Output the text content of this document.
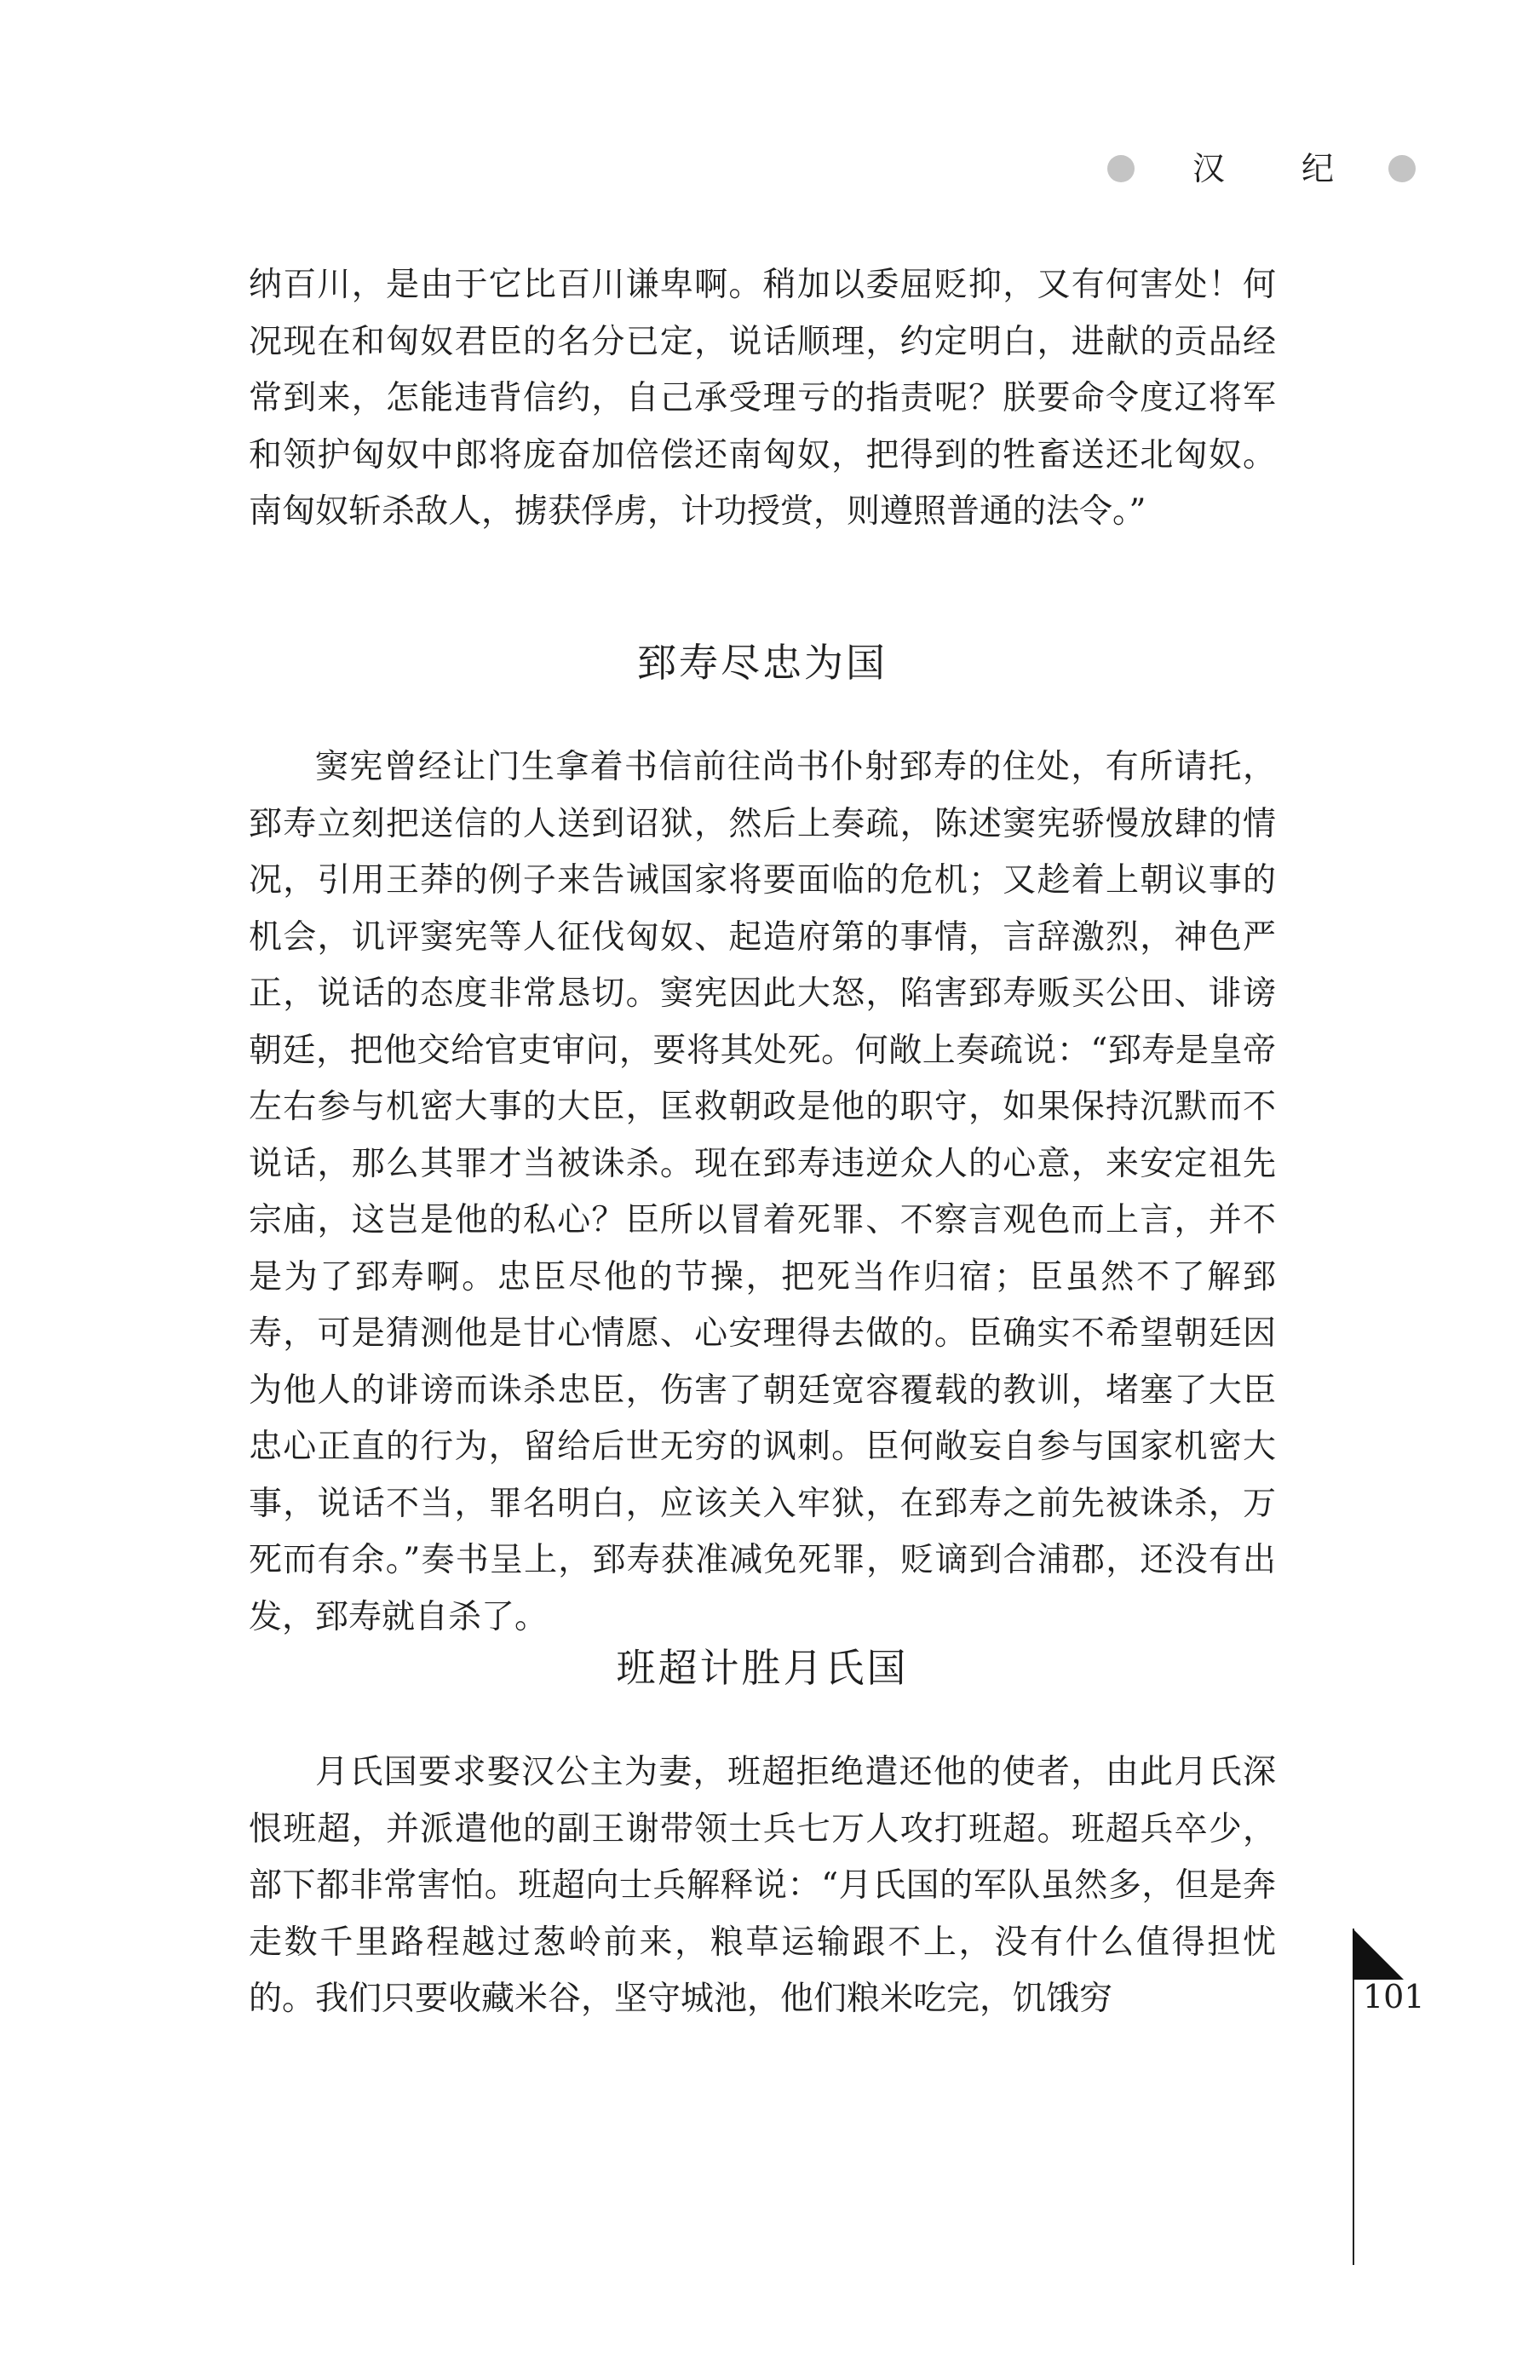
汉 纪

纳百川，是由于它比百川谦卑啊。稍加以委屈贬抑，又有何害处！何况现在和匈奴君臣的名分已定，说话顺理，约定明白，进献的贡品经常到来，怎能违背信约，自己承受理亏的指责呢？朕要命令度辽将军和领护匈奴中郎将庞奋加倍偿还南匈奴，把得到的牲畜送还北匈奴。南匈奴斩杀敌人，掳获俘虏，计功授赏，则遵照普通的法令。”

郅寿尽忠为国

窦宪曾经让门生拿着书信前往尚书仆射郅寿的住处，有所请托，郅寿立刻把送信的人送到诏狱，然后上奏疏，陈述窦宪骄慢放肆的情况，引用王莽的例子来告诫国家将要面临的危机；又趁着上朝议事的机会，讥评窦宪等人征伐匈奴、起造府第的事情，言辞激烈，神色严正，说话的态度非常恳切。窦宪因此大怒，陷害郅寿贩买公田、诽谤朝廷，把他交给官吏审问，要将其处死。何敞上奏疏说：“郅寿是皇帝左右参与机密大事的大臣，匡救朝政是他的职守，如果保持沉默而不说话，那么其罪才当被诛杀。现在郅寿违逆众人的心意，来安定祖先宗庙，这岂是他的私心？臣所以冒着死罪、不察言观色而上言，并不是为了郅寿啊。忠臣尽他的节操，把死当作归宿；臣虽然不了解郅寿，可是猜测他是甘心情愿、心安理得去做的。臣确实不希望朝廷因为他人的诽谤而诛杀忠臣，伤害了朝廷宽容覆载的教训，堵塞了大臣忠心正直的行为，留给后世无穷的讽刺。臣何敞妄自参与国家机密大事，说话不当，罪名明白，应该关入牢狱，在郅寿之前先被诛杀，万死而有余。”奏书呈上，郅寿获准减免死罪，贬谪到合浦郡，还没有出发，郅寿就自杀了。

班超计胜月氏国

月氏国要求娶汉公主为妻，班超拒绝遣还他的使者，由此月氏深恨班超，并派遣他的副王谢带领士兵七万人攻打班超。班超兵卒少，部下都非常害怕。班超向士兵解释说：“月氏国的军队虽然多，但是奔走数千里路程越过葱岭前来，粮草运输跟不上，没有什么值得担忧的。我们只要收藏米谷，坚守城池，他们粮米吃完，饥饿穷	101
